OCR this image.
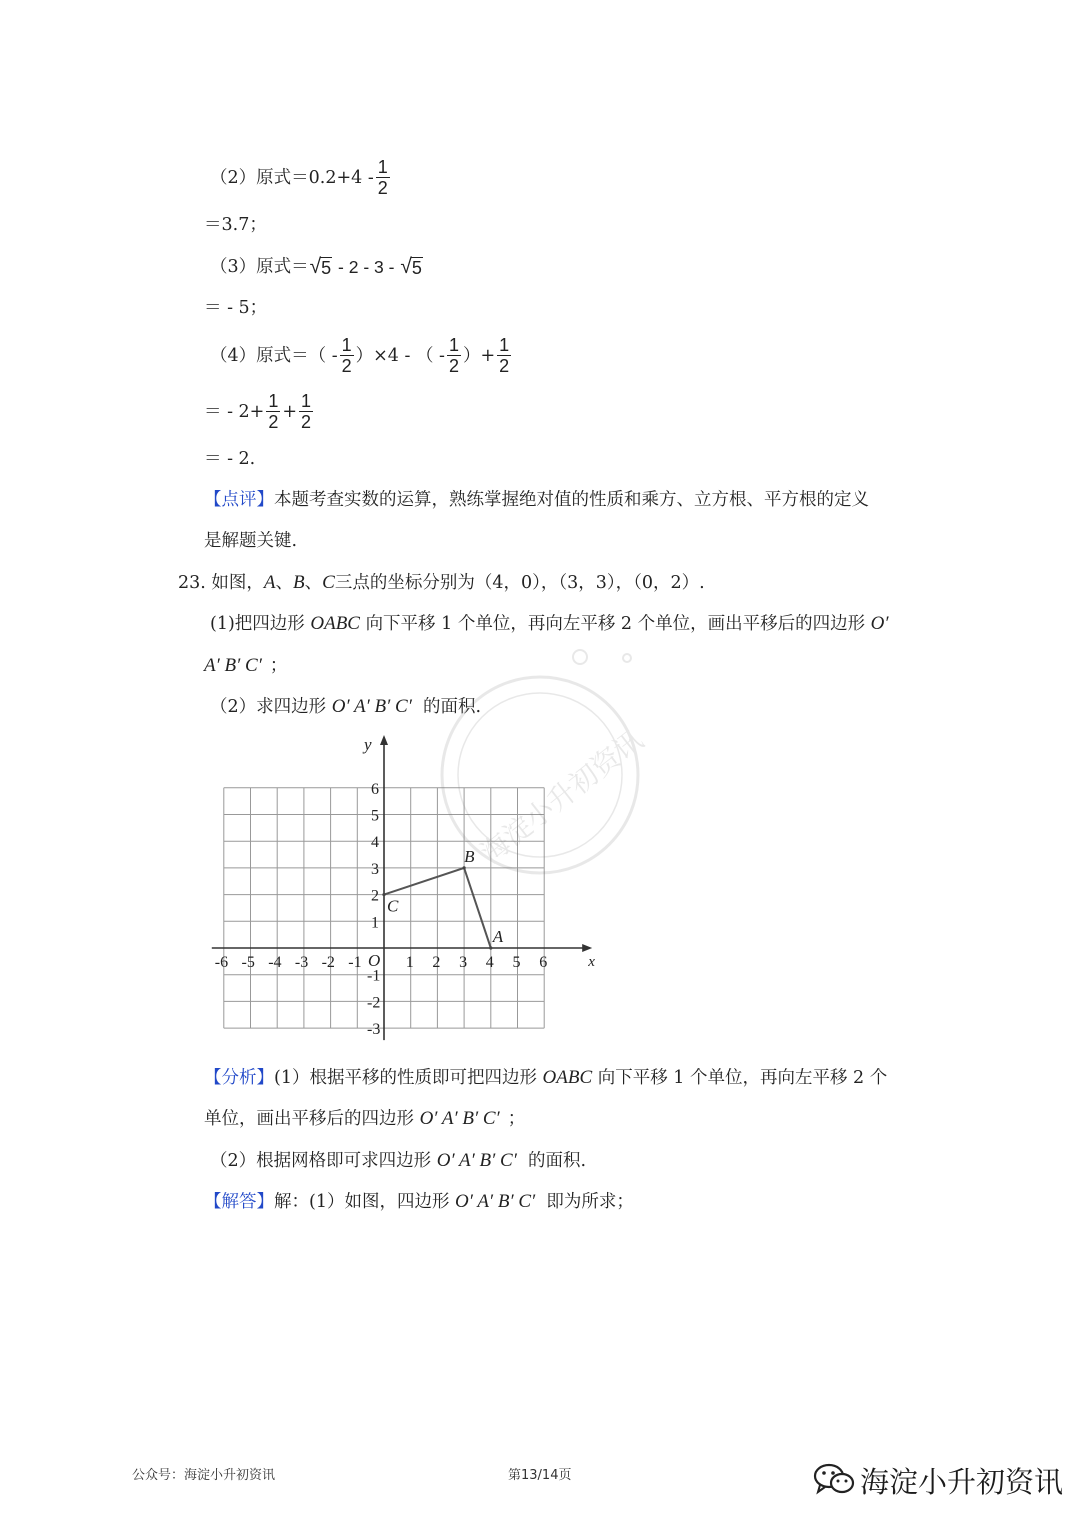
（2）原式$=0.2+4 - \frac{1}{2}$
＝3.7；
（3）原式＝ √ 5 - 2 - 3 - √ 5
＝ - 5；
（4）原式＝（ - $\frac{1}{2} )\times 4$ - （ - $\frac{1}{2}$ ）+ $\frac{1}{2}$
＝ - $2+ \frac{1}{2} + \frac{1}{2}$
＝ - 2.
【点评】 本题考查实数的运算，熟练掌握绝对值的性质和乘方、立方根、平方根的定义
是解题关键.
23.
如图， A 、 B 、 C 三点的坐标分别为（4，0），（3，3），（0，2）.
(1)把四边形
OABC
向下平移 1 个单位，再向左平移 2 个单位，画出平移后的四边形
O′
A′ B′ C′ ；
（2）求四边形
O′ A′ B′ C′
的面积.
x
y
O
-6 -5 -4 -3 -2 -1	1 2 3 4 5 6
6
5
4
3
2
1
-1
-2
-3
C
B
A
海淀小升初资讯
【分析】 (1）根据平移的性质即可把四边形
OABC
向下平移 1 个单位，再向左平移 2 个
单位，画出平移后的四边形
O′ A′ B′ C′ ；
（2）根据网格即可求四边形
O′ A′ B′ C′
的面积.
【解答】 解：(1）如图，四边形
O′ A′ B′ C′
即为所求；
公众号：海淀小升初资讯	第13/14页	海淀小升初资讯
